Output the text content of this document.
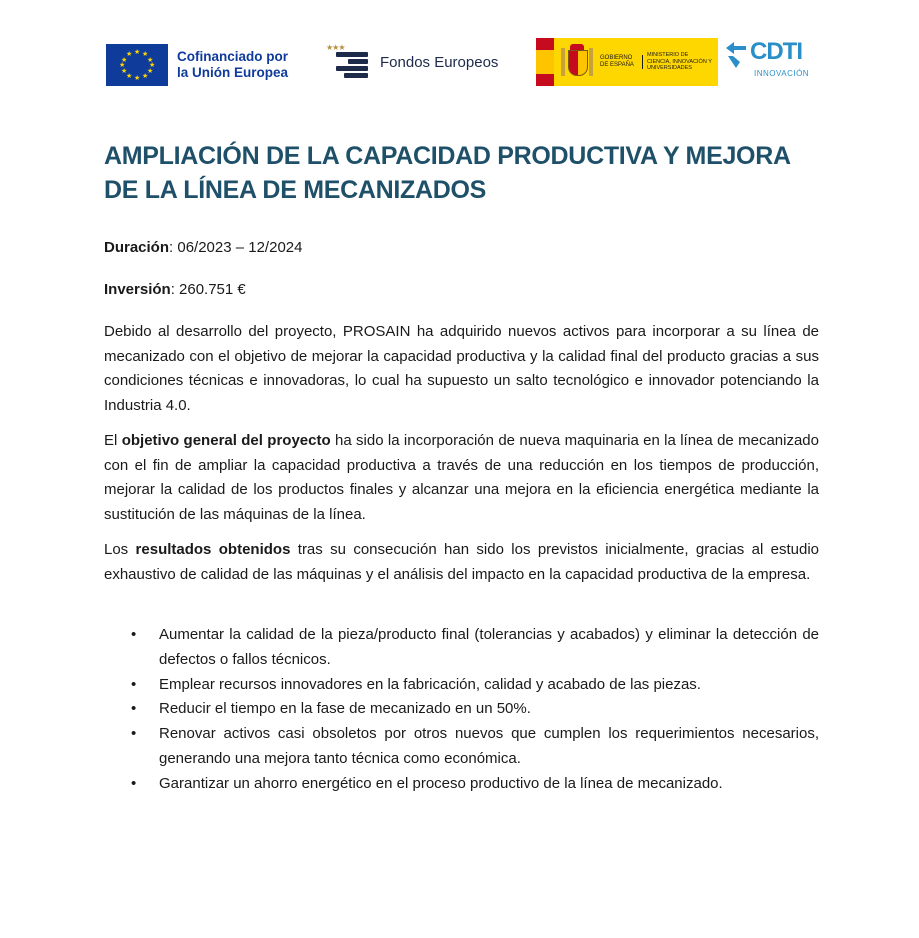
★ ★
★
★
★
★
★
★
★
★
★
★	Cofinanciado por
la Unión Europea
★★★
Fondos Europeos	GOBIERNO DE ESPAÑA
MINISTERIO DE CIENCIA, INNOVACIÓN Y UNIVERSIDADES
CDTI
INNOVACIÓN
AMPLIACIÓN DE LA CAPACIDAD PRODUCTIVA Y MEJORA DE LA LÍNEA DE MECANIZADOS

Duración: 06/2023 – 12/2024

Inversión: 260.751 €

Debido al desarrollo del proyecto, PROSAIN ha adquirido nuevos activos para incorporar a su línea de mecanizado con el objetivo de mejorar la capacidad productiva y la calidad final del producto gracias a sus condiciones técnicas e innovadoras, lo cual ha supuesto un salto tecnológico e innovador potenciando la Industria 4.0.

El objetivo general del proyecto ha sido la incorporación de nueva maquinaria en la línea de mecanizado con el fin de ampliar la capacidad productiva a través de una reducción en los tiempos de producción, mejorar la calidad de los productos finales y alcanzar una mejora en la eficiencia energética mediante la sustitución de las máquinas de la línea.

Los resultados obtenidos tras su consecución han sido los previstos inicialmente, gracias al estudio exhaustivo de calidad de las máquinas y el análisis del impacto en la capacidad productiva de la empresa.

• Aumentar la calidad de la pieza/producto final (tolerancias y acabados) y eliminar la detección de defectos o fallos técnicos.
• Emplear recursos innovadores en la fabricación, calidad y acabado de las piezas.
• Reducir el tiempo en la fase de mecanizado en un 50%.
• Renovar activos casi obsoletos por otros nuevos que cumplen los requerimientos necesarios, generando una mejora tanto técnica como económica.
• Garantizar un ahorro energético en el proceso productivo de la línea de mecanizado.
